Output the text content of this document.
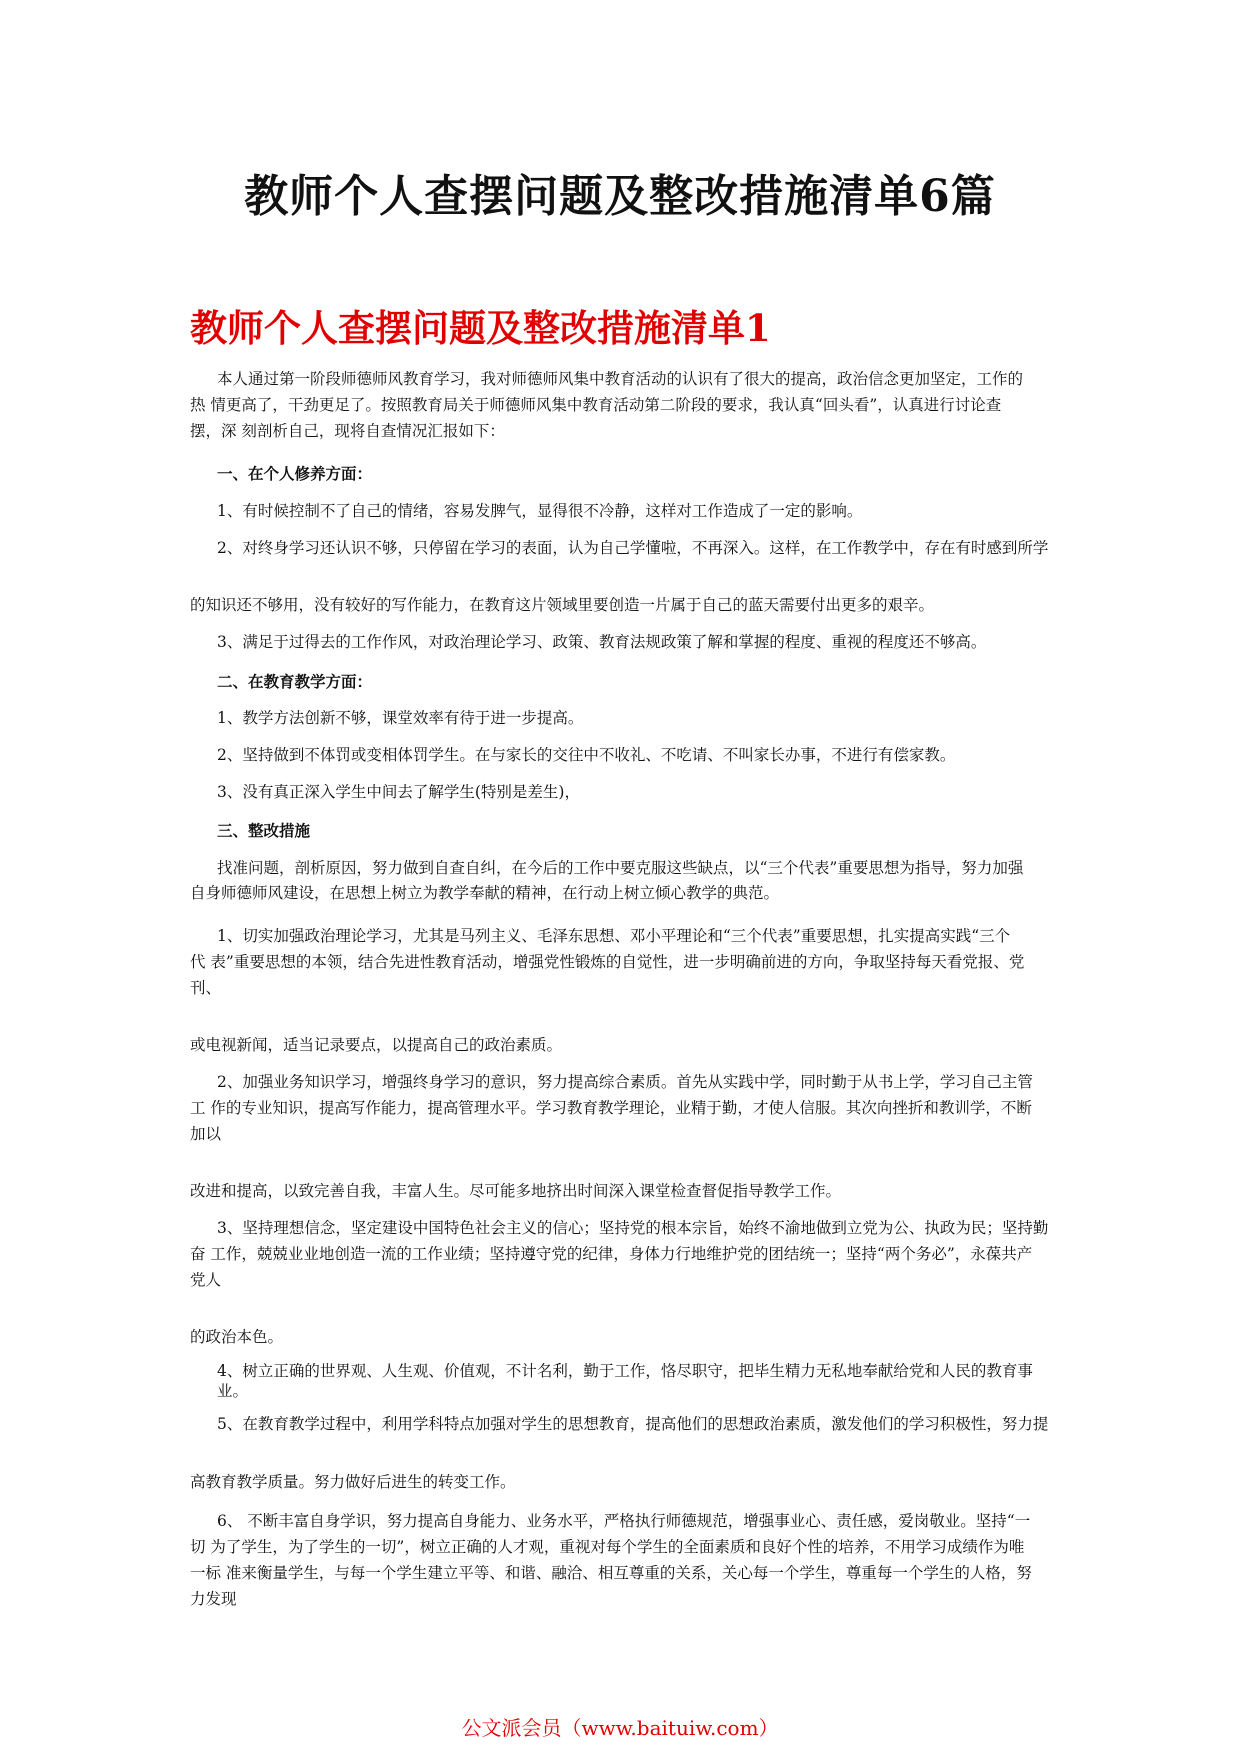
教师个人查摆问题及整改措施清单6篇
教师个人查摆问题及整改措施清单1

本人通过第一阶段师德师风教育学习，我对师德师风集中教育活动的认识有了很大的提高，政治信念更加坚定，工作的

热 情更高了，干劲更足了。按照教育局关于师德师风集中教育活动第二阶段的要求，我认真“回头看”，认真进行讨论查

摆，深 刻剖析自己，现将自查情况汇报如下：

一、在个人修养方面：

1、有时候控制不了自己的情绪，容易发脾气，显得很不冷静，这样对工作造成了一定的影响。

2、对终身学习还认识不够，只停留在学习的表面，认为自己学懂啦，不再深入。这样，在工作教学中，存在有时感到所学

的知识还不够用，没有较好的写作能力，在教育这片领域里要创造一片属于自己的蓝天需要付出更多的艰辛。

3、满足于过得去的工作作风，对政治理论学习、政策、教育法规政策了解和掌握的程度、重视的程度还不够高。

二、在教育教学方面：

1、教学方法创新不够，课堂效率有待于进一步提高。

2、坚持做到不体罚或变相体罚学生。在与家长的交往中不收礼、不吃请、不叫家长办事，不进行有偿家教。

3、没有真正深入学生中间去了解学生(特别是差生)，

三、整改措施

找准问题，剖析原因，努力做到自查自纠，在今后的工作中要克服这些缺点，以“三个代表”重要思想为指导，努力加强

自身师德师风建设，在思想上树立为教学奉献的精神，在行动上树立倾心教学的典范。

1、切实加强政治理论学习，尤其是马列主义、毛泽东思想、邓小平理论和“三个代表”重要思想，扎实提高实践“三个

代 表”重要思想的本领，结合先进性教育活动，增强党性锻炼的自觉性，进一步明确前进的方向，争取坚持每天看党报、党

刊、

或电视新闻，适当记录要点，以提高自己的政治素质。

2、加强业务知识学习，增强终身学习的意识，努力提高综合素质。首先从实践中学，同时勤于从书上学，学习自己主管

工 作的专业知识，提高写作能力，提高管理水平。学习教育教学理论，业精于勤，才使人信服。其次向挫折和教训学，不断

加以

改进和提高，以致完善自我，丰富人生。尽可能多地挤出时间深入课堂检查督促指导教学工作。

3、坚持理想信念，坚定建设中国特色社会主义的信心；坚持党的根本宗旨，始终不渝地做到立党为公、执政为民；坚持勤

奋 工作，兢兢业业地创造一流的工作业绩；坚持遵守党的纪律，身体力行地维护党的团结统一；坚持“两个务必”，永葆共产

党人

的政治本色。

4、树立正确的世界观、人生观、价值观，不计名利，勤于工作，恪尽职守，把毕生精力无私地奉献给党和人民的教育事

业。

5、在教育教学过程中，利用学科特点加强对学生的思想教育，提高他们的思想政治素质，激发他们的学习积极性，努力提

高教育教学质量。努力做好后进生的转变工作。

6、 不断丰富自身学识，努力提高自身能力、业务水平，严格执行师德规范，增强事业心、责任感，爱岗敬业。坚持“一

切 为了学生，为了学生的一切”，树立正确的人才观，重视对每个学生的全面素质和良好个性的培养，不用学习成绩作为唯

一标 准来衡量学生，与每一个学生建立平等、和谐、融洽、相互尊重的关系，关心每一个学生，尊重每一个学生的人格，努

力发现

公文派会员（www.baituiw.com）
